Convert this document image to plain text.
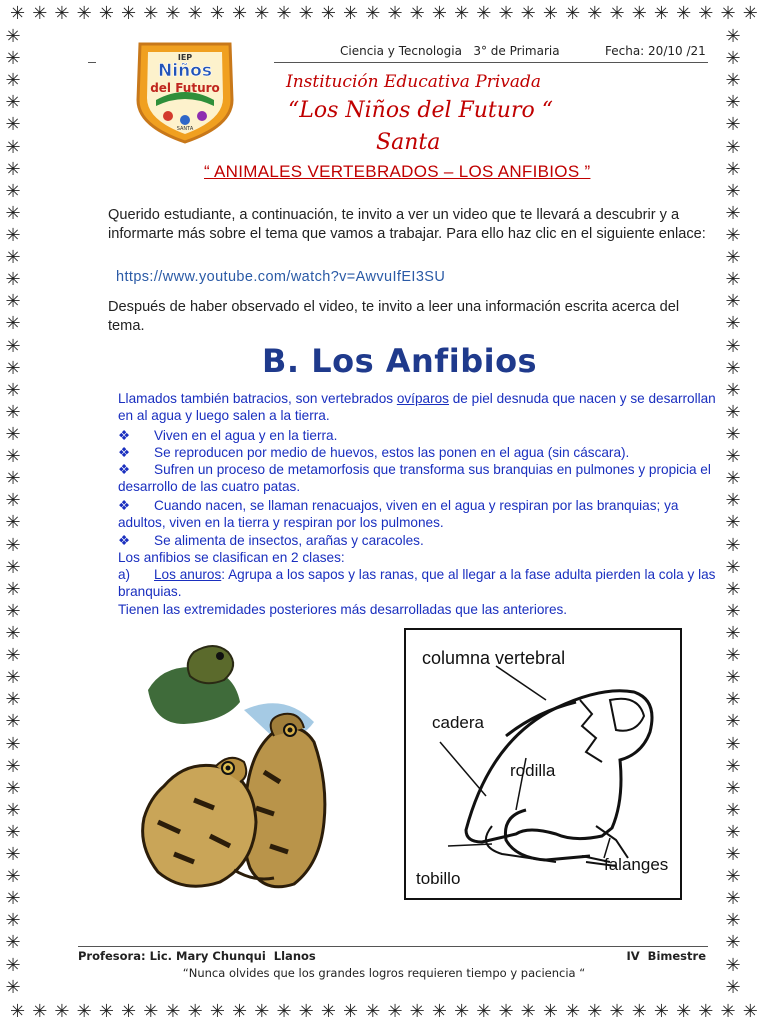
✳ ✳ ✳ ✳ ✳ ✳ ✳ ✳ ✳ ✳ ✳ ✳ ✳ ✳ ✳ ✳ ✳ ✳ ✳ ✳ ✳ ✳ ✳ ✳ ✳ ✳ ✳ ✳ ✳ ✳ ✳ ✳ ✳ ✳
✳ ✳ ✳ ✳ ✳ ✳ ✳ ✳ ✳ ✳ ✳ ✳ ✳ ✳ ✳ ✳ ✳ ✳ ✳ ✳ ✳ ✳ ✳ ✳ ✳ ✳ ✳ ✳ ✳ ✳ ✳ ✳ ✳ ✳
✳
✳
✳
✳
✳
✳
✳
✳
✳
✳
✳
✳
✳
✳
✳
✳
✳
✳
✳
✳
✳
✳
✳
✳
✳
✳
✳
✳
✳
✳
✳
✳
✳
✳
✳
✳
✳
✳
✳
✳
✳
✳
✳
✳
✳
✳
✳
✳
✳
✳
✳
✳
✳
✳
✳
✳
✳
✳
✳
✳
✳
✳
✳
✳
✳
✳
✳
✳
✳
✳
✳
✳
✳
✳
✳
✳
✳
✳
✳
✳
✳
✳
✳
✳
✳
✳
✳
✳
Ciencia y Tecnologia   3° de Primaria	Fecha: 20/10 /21
IEP
Niños
del Futuro
SANTA
Institución Educativa Privada
“Los Niños del Futuro “
Santa
“ ANIMALES VERTEBRADOS – LOS ANFIBIOS ”

Querido estudiante, a continuación, te invito a ver un video que te llevará a descubrir y a informarte más sobre el tema que vamos a trabajar. Para ello haz clic en el siguiente enlace:

https://www.youtube.com/watch?v=AwvuIfEI3SU

Después de haber observado el video, te invito a leer una información escrita acerca del tema.

B. Los Anfibios
Llamados también batracios, son vertebrados ovíparos de piel desnuda que nacen y se desarrollan en al agua y luego salen a la tierra.
❖ Viven en el agua y en la tierra.
❖ Se reproducen por medio de huevos, estos las ponen en el agua (sin cáscara).
❖ Sufren un proceso de metamorfosis que transforma sus branquias en pulmones y propicia el desarrollo de las cuatro patas.
❖ Cuando nacen, se llaman renacuajos, viven en el agua y respiran por las branquias; ya adultos, viven en la tierra y respiran por los pulmones.
❖ Se alimenta de insectos, arañas y caracoles.
Los anfibios se clasifican en 2 clases:
a) Los anuros: Agrupa a los sapos y las ranas, que al llegar a la fase adulta pierden la cola y las branquias.
Tienen las extremidades posteriores más desarrolladas que las anteriores.
columna vertebral
cadera
rodilla
tobillo
falanges
Profesora: Lic. Mary Chunqui  Llanos	IV  Bimestre
“Nunca olvides que los grandes logros requieren tiempo y paciencia “
